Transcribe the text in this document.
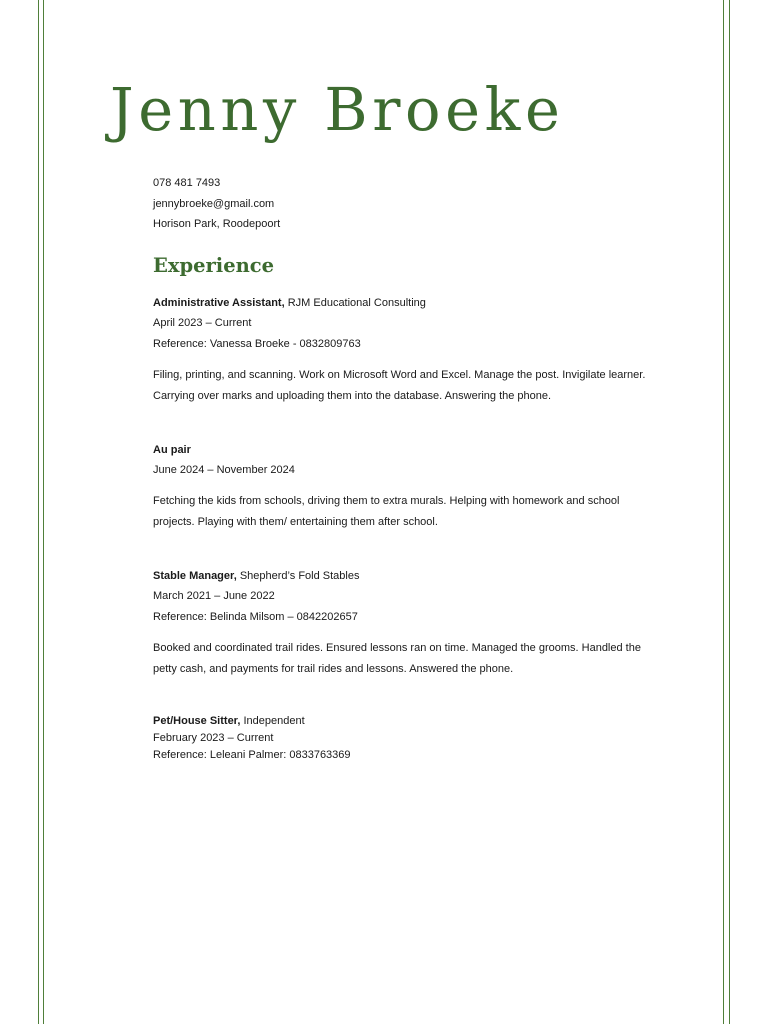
Jenny Broeke
078 481 7493
jennybroeke@gmail.com
Horison Park, Roodepoort
Experience
Administrative Assistant, RJM Educational Consulting
April 2023 – Current
Reference: Vanessa Broeke - 0832809763
Filing, printing, and scanning. Work on Microsoft Word and Excel. Manage the post. Invigilate learner. Carrying over marks and uploading them into the database. Answering the phone.
Au pair
June 2024 – November 2024
Fetching the kids from schools, driving them to extra murals. Helping with homework and school projects. Playing with them/ entertaining them after school.
Stable Manager, Shepherd’s Fold Stables
March 2021 – June 2022
Reference: Belinda Milsom – 0842202657
Booked and coordinated trail rides. Ensured lessons ran on time. Managed the grooms. Handled the petty cash, and payments for trail rides and lessons. Answered the phone.
Pet/House Sitter, Independent
February 2023 – Current
Reference: Leleani Palmer: 0833763369
